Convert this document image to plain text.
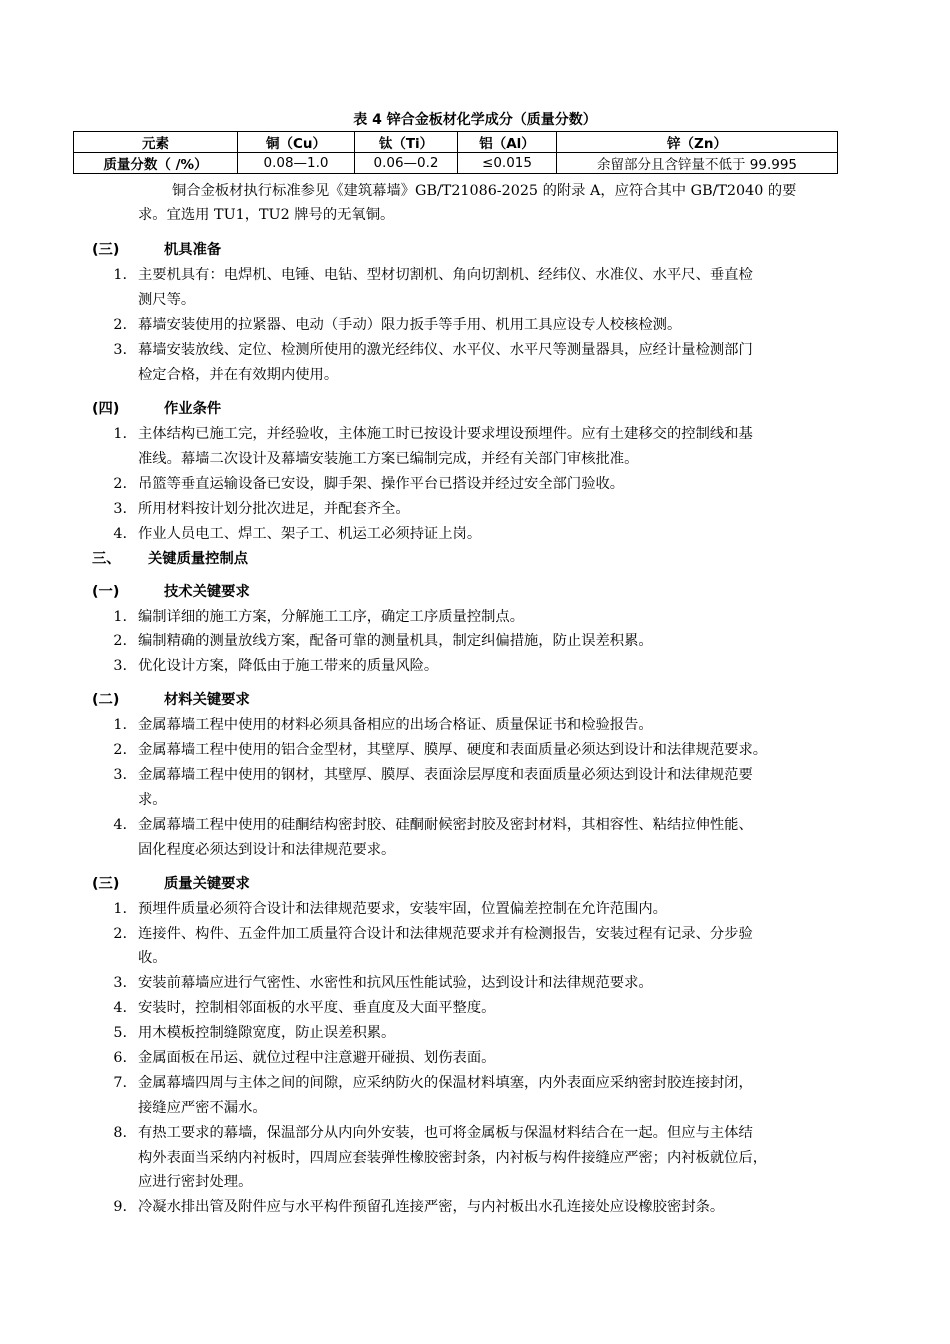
表 4 锌合金板材化学成分（质量分数）
元素	铜（Cu）	钛（Ti）	铝（Al）	锌（Zn）
质量分数（ /%）	0.08—1.0	0.06—0.2	≤0.015	余留部分且含锌量不低于 99.995
铜合金板材执行标准参见《建筑幕墙》GB/T21086-2025 的附录 A，应符合其中 GB/T2040 的要
求。宜选用 TU1，TU2 牌号的无氧铜。
(三)	机具准备
1. 主要机具有：电焊机、电锤、电钻、型材切割机、角向切割机、经纬仪、水准仪、水平尺、垂直检
测尺等。
2. 幕墙安装使用的拉紧器、电动（手动）限力扳手等手用、机用工具应设专人校核检测。
3. 幕墙安装放线、定位、检测所使用的激光经纬仪、水平仪、水平尺等测量器具，应经计量检测部门
检定合格，并在有效期内使用。
(四)	作业条件
1. 主体结构已施工完，并经验收，主体施工时已按设计要求埋设预埋件。应有土建移交的控制线和基
准线。幕墙二次设计及幕墙安装施工方案已编制完成，并经有关部门审核批准。
2. 吊篮等垂直运输设备已安设，脚手架、操作平台已搭设并经过安全部门验收。
3. 所用材料按计划分批次进足，并配套齐全。
4. 作业人员电工、焊工、架子工、机运工必须持证上岗。
三、 关键质量控制点
(一)	技术关键要求
1. 编制详细的施工方案，分解施工工序，确定工序质量控制点。
2. 编制精确的测量放线方案，配备可靠的测量机具，制定纠偏措施，防止误差积累。
3. 优化设计方案，降低由于施工带来的质量风险。
(二)	材料关键要求
1. 金属幕墙工程中使用的材料必须具备相应的出场合格证、质量保证书和检验报告。
2. 金属幕墙工程中使用的铝合金型材，其壁厚、膜厚、硬度和表面质量必须达到设计和法律规范要求。
3. 金属幕墙工程中使用的钢材，其壁厚、膜厚、表面涂层厚度和表面质量必须达到设计和法律规范要
求。
4. 金属幕墙工程中使用的硅酮结构密封胶、硅酮耐候密封胶及密封材料，其相容性、粘结拉伸性能、
固化程度必须达到设计和法律规范要求。
(三)	质量关键要求
1. 预埋件质量必须符合设计和法律规范要求，安装牢固，位置偏差控制在允许范围内。
2. 连接件、构件、五金件加工质量符合设计和法律规范要求并有检测报告，安装过程有记录、分步验
收。
3. 安装前幕墙应进行气密性、水密性和抗风压性能试验，达到设计和法律规范要求。
4. 安装时，控制相邻面板的水平度、垂直度及大面平整度。
5. 用木模板控制缝隙宽度，防止误差积累。
6. 金属面板在吊运、就位过程中注意避开碰损、划伤表面。
7. 金属幕墙四周与主体之间的间隙，应采纳防火的保温材料填塞，内外表面应采纳密封胶连接封闭，
接缝应严密不漏水。
8. 有热工要求的幕墙，保温部分从内向外安装，也可将金属板与保温材料结合在一起。但应与主体结
构外表面当采纳内衬板时，四周应套装弹性橡胶密封条，内衬板与构件接缝应严密；内衬板就位后，
应进行密封处理。
9. 冷凝水排出管及附件应与水平构件预留孔连接严密，与内衬板出水孔连接处应设橡胶密封条。
